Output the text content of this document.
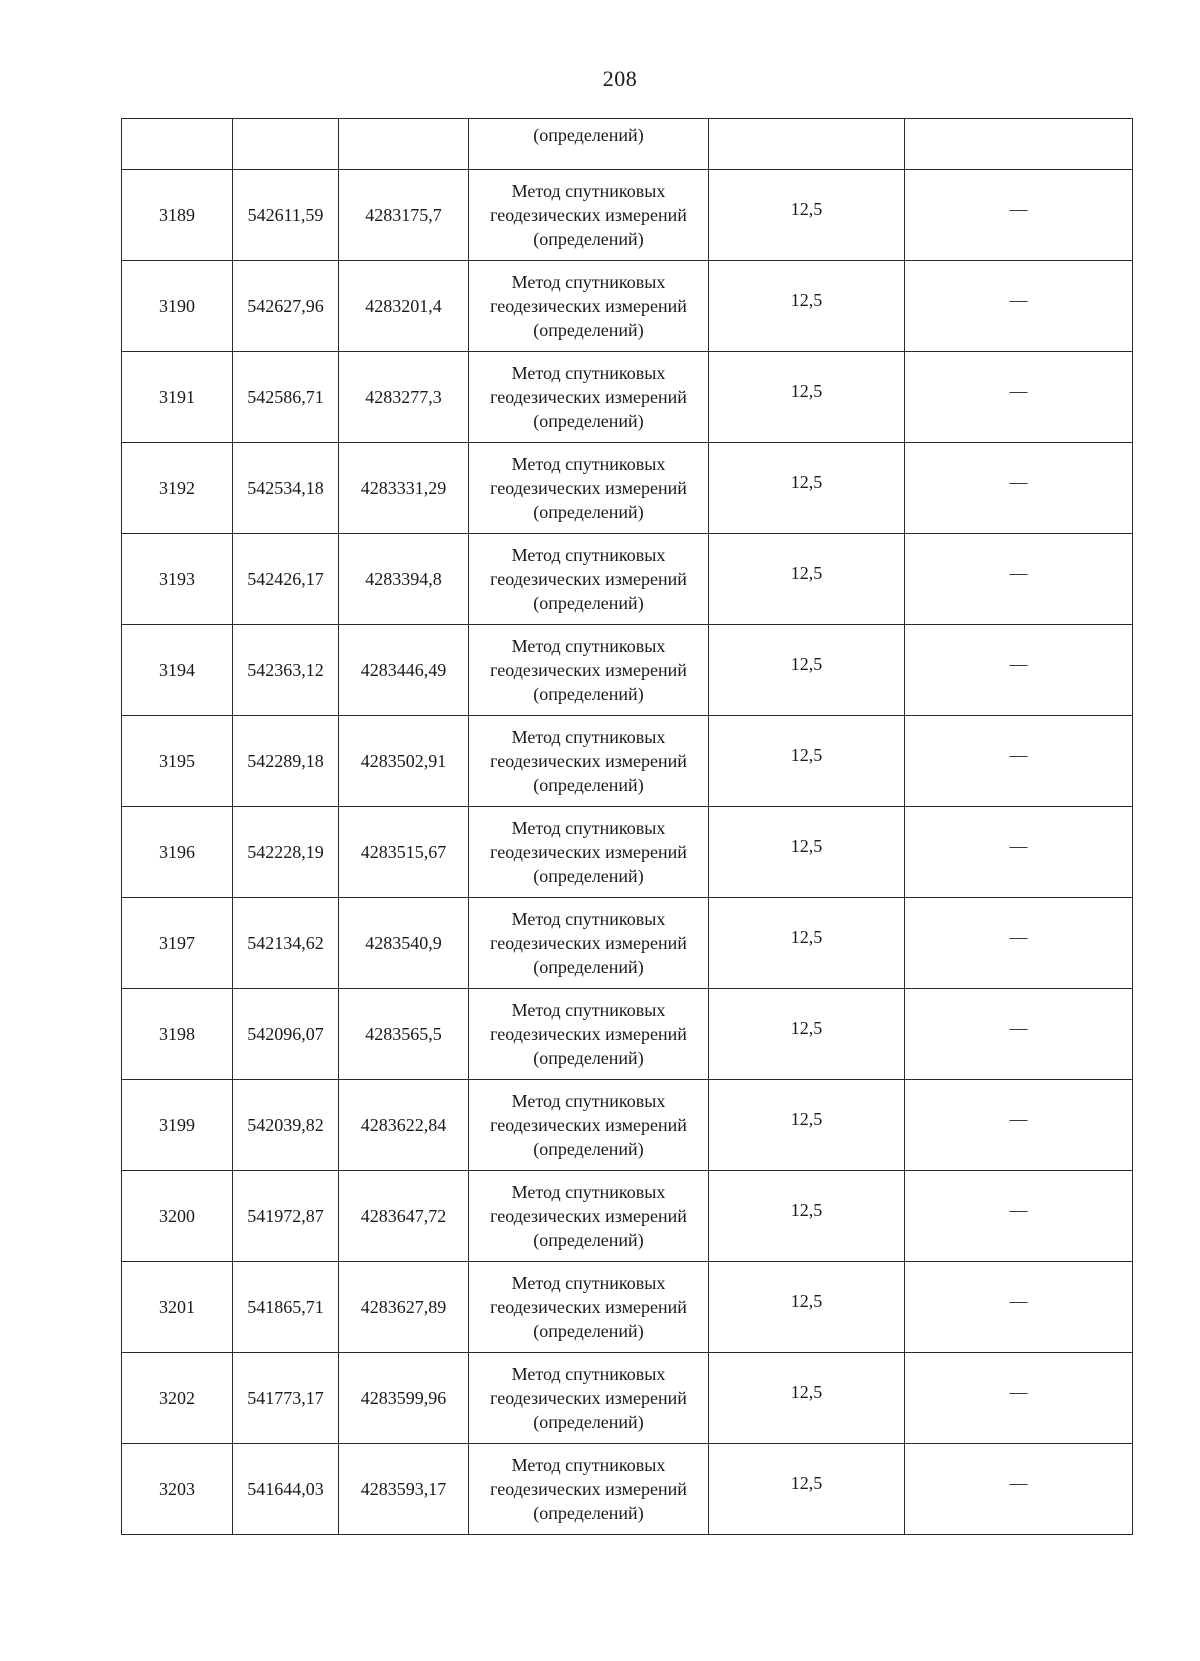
208
			(определений)		
3189	542611,59	4283175,7	Метод спутниковых
геодезических измерений
(определений)	12,5	—
3190	542627,96	4283201,4	Метод спутниковых
геодезических измерений
(определений)	12,5	—
3191	542586,71	4283277,3	Метод спутниковых
геодезических измерений
(определений)	12,5	—
3192	542534,18	4283331,29	Метод спутниковых
геодезических измерений
(определений)	12,5	—
3193	542426,17	4283394,8	Метод спутниковых
геодезических измерений
(определений)	12,5	—
3194	542363,12	4283446,49	Метод спутниковых
геодезических измерений
(определений)	12,5	—
3195	542289,18	4283502,91	Метод спутниковых
геодезических измерений
(определений)	12,5	—
3196	542228,19	4283515,67	Метод спутниковых
геодезических измерений
(определений)	12,5	—
3197	542134,62	4283540,9	Метод спутниковых
геодезических измерений
(определений)	12,5	—
3198	542096,07	4283565,5	Метод спутниковых
геодезических измерений
(определений)	12,5	—
3199	542039,82	4283622,84	Метод спутниковых
геодезических измерений
(определений)	12,5	—
3200	541972,87	4283647,72	Метод спутниковых
геодезических измерений
(определений)	12,5	—
3201	541865,71	4283627,89	Метод спутниковых
геодезических измерений
(определений)	12,5	—
3202	541773,17	4283599,96	Метод спутниковых
геодезических измерений
(определений)	12,5	—
3203	541644,03	4283593,17	Метод спутниковых
геодезических измерений
(определений)	12,5	—
